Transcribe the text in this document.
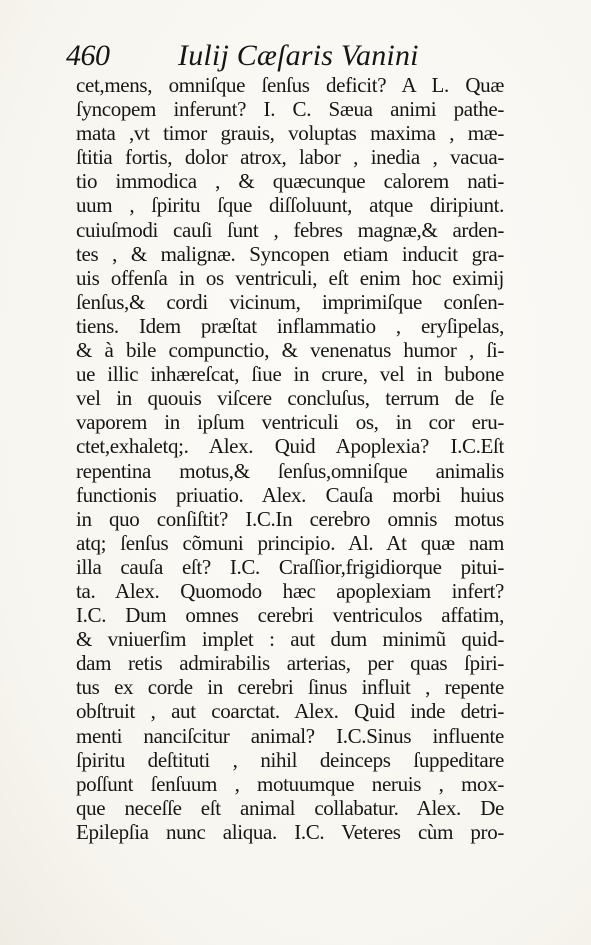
460 Iulij Cæſaris Vanini
cet,mens, omniſque ſenſus deficit? A L. Quæ
ſyncopem inferunt? I. C. Sæua animi pathe-
mata ,vt timor grauis, voluptas maxima , mæ-
ſtitia fortis, dolor atrox, labor , inedia , vacua-
tio immodica , & quæcunque calorem nati-
uum , ſpiritu ſque diſſoluunt, atque diripiunt.
cuiuſmodi cauſi ſunt , febres magnæ,& arden-
tes , & malignæ. Syncopen etiam inducit gra-
uis offenſa in os ventriculi, eſt enim hoc eximij
ſenſus,& cordi vicinum, imprimiſque conſen-
tiens. Idem præſtat inflammatio , eryſipelas,
& à bile compunctio, & venenatus humor , ſi-
ue illic inhæreſcat, ſiue in crure, vel in bubone
vel in quouis viſcere concluſus, terrum de ſe
vaporem in ipſum ventriculi os, in cor eru-
ctet,exhaletq;. Alex. Quid Apoplexia? I.C.Eſt
repentina motus,& ſenſus,omniſque animalis
functionis priuatio. Alex. Cauſa morbi huius
in quo conſiſtit? I.C.In cerebro omnis motus
atq; ſenſus cõmuni principio. Al. At quæ nam
illa cauſa eſt? I.C. Craſſior,frigidiorque pitui-
ta. Alex. Quomodo hæc apoplexiam infert?
I.C. Dum omnes cerebri ventriculos affatim,
& vniuerſim implet : aut dum minimũ quid-
dam retis admirabilis arterias, per quas ſpiri-
tus ex corde in cerebri ſinus influit , repente
obſtruit , aut coarctat. Alex. Quid inde detri-
menti nanciſcitur animal? I.C.Sinus influente
ſpiritu deſtituti , nihil deinceps ſuppeditare
poſſunt ſenſuum , motuumque neruis , mox-
que neceſſe eſt animal collabatur. Alex. De
Epilepſia nunc aliqua. I.C. Veteres cùm pro-
